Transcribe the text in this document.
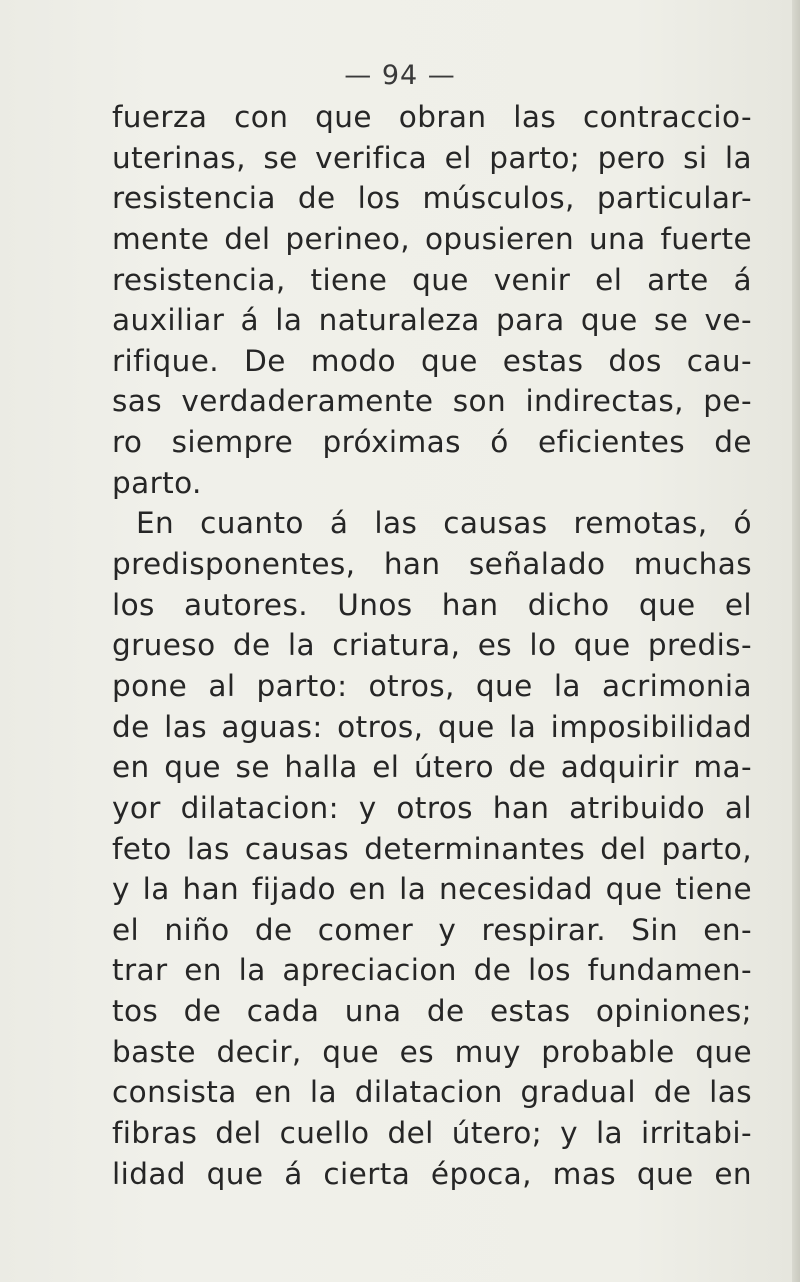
— 94 —
fuerza con que obran las contraccio-
uterinas, se verifica el parto; pero si la
resistencia de los músculos, particular-
mente del perineo, opusieren una fuerte
resistencia, tiene que venir el arte á
auxiliar á la naturaleza para que se ve-
rifique. De modo que estas dos cau-
sas verdaderamente son indirectas, pe-
ro siempre próximas ó eficientes de
parto.
En cuanto á las causas remotas, ó
predisponentes, han señalado muchas
los autores. Unos han dicho que el
grueso de la criatura, es lo que predis-
pone al parto: otros, que la acrimonia
de las aguas: otros, que la imposibilidad
en que se halla el útero de adquirir ma-
yor dilatacion: y otros han atribuido al
feto las causas determinantes del parto,
y la han fijado en la necesidad que tiene
el niño de comer y respirar. Sin en-
trar en la apreciacion de los fundamen-
tos de cada una de estas opiniones;
baste decir, que es muy probable que
consista en la dilatacion gradual de las
fibras del cuello del útero; y la irritabi-
lidad que á cierta época, mas que en
